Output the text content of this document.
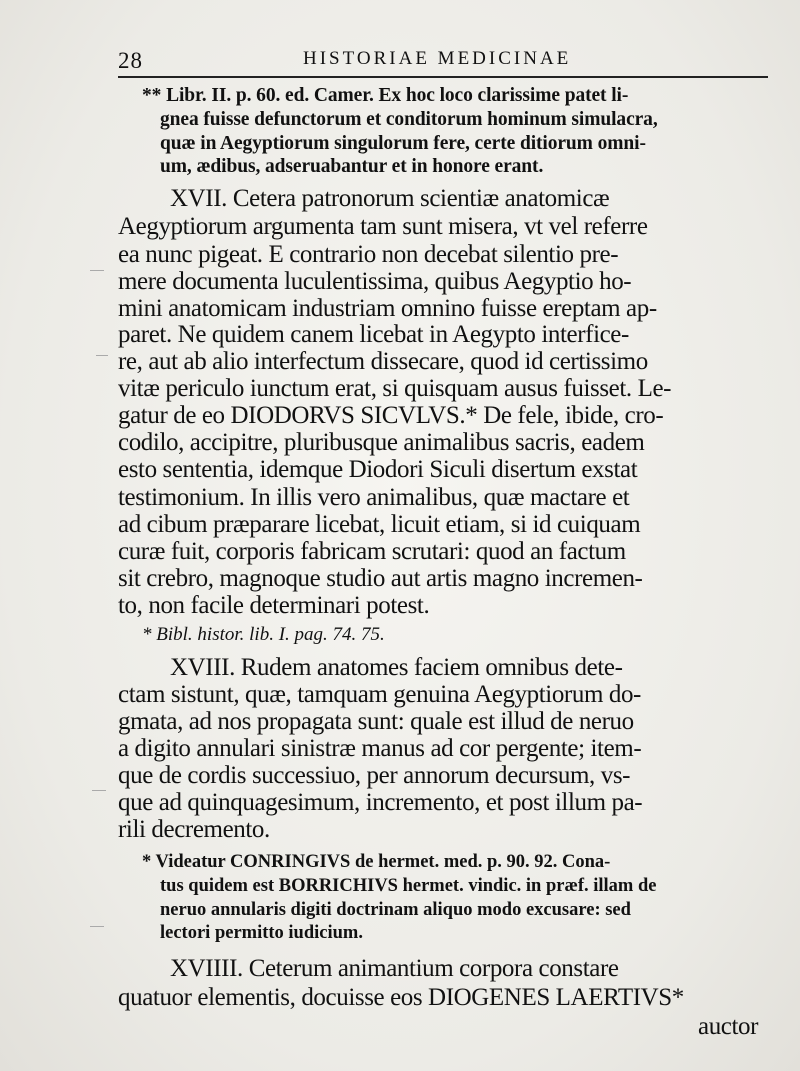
28	HISTORIAE MEDICINAE
** Libr. II. p. 60. ed. Camer. Ex hoc loco clarissime patet li-
gnea fuisse defunctorum et conditorum hominum simulacra,
quæ in Aegyptiorum singulorum fere, certe ditiorum omni-
um, ædibus, adseruabantur et in honore erant.
XVII. Cetera patronorum scientiæ anatomicæ
Aegyptiorum argumenta tam sunt misera, vt vel referre
ea nunc pigeat. E contrario non decebat silentio pre-
mere documenta luculentissima, quibus Aegyptio ho-
mini anatomicam industriam omnino fuisse ereptam ap-
paret. Ne quidem canem licebat in Aegypto interfice-
re, aut ab alio interfectum dissecare, quod id certissimo
vitæ periculo iunctum erat, si quisquam ausus fuisset. Le-
gatur de eo DIODORVS SICVLVS.* De fele, ibide, cro-
codilo, accipitre, pluribusque animalibus sacris, eadem
esto sententia, idemque Diodori Siculi disertum exstat
testimonium. In illis vero animalibus, quæ mactare et
ad cibum præparare licebat, licuit etiam, si id cuiquam
curæ fuit, corporis fabricam scrutari: quod an factum
sit crebro, magnoque studio aut artis magno incremen-
to, non facile determinari potest.
* Bibl. histor. lib. I. pag. 74. 75.
XVIII. Rudem anatomes faciem omnibus dete-
ctam sistunt, quæ, tamquam genuina Aegyptiorum do-
gmata, ad nos propagata sunt: quale est illud de neruo
a digito annulari sinistræ manus ad cor pergente; item-
que de cordis successiuo, per annorum decursum, vs-
que ad quinquagesimum, incremento, et post illum pa-
rili decremento.
* Videatur CONRINGIVS de hermet. med. p. 90. 92. Cona-
tus quidem est BORRICHIVS hermet. vindic. in præf. illam de
neruo annularis digiti doctrinam aliquo modo excusare: sed
lectori permitto iudicium.
XVIIII. Ceterum animantium corpora constare
quatuor elementis, docuisse eos DIOGENES LAERTIVS*
auctor
